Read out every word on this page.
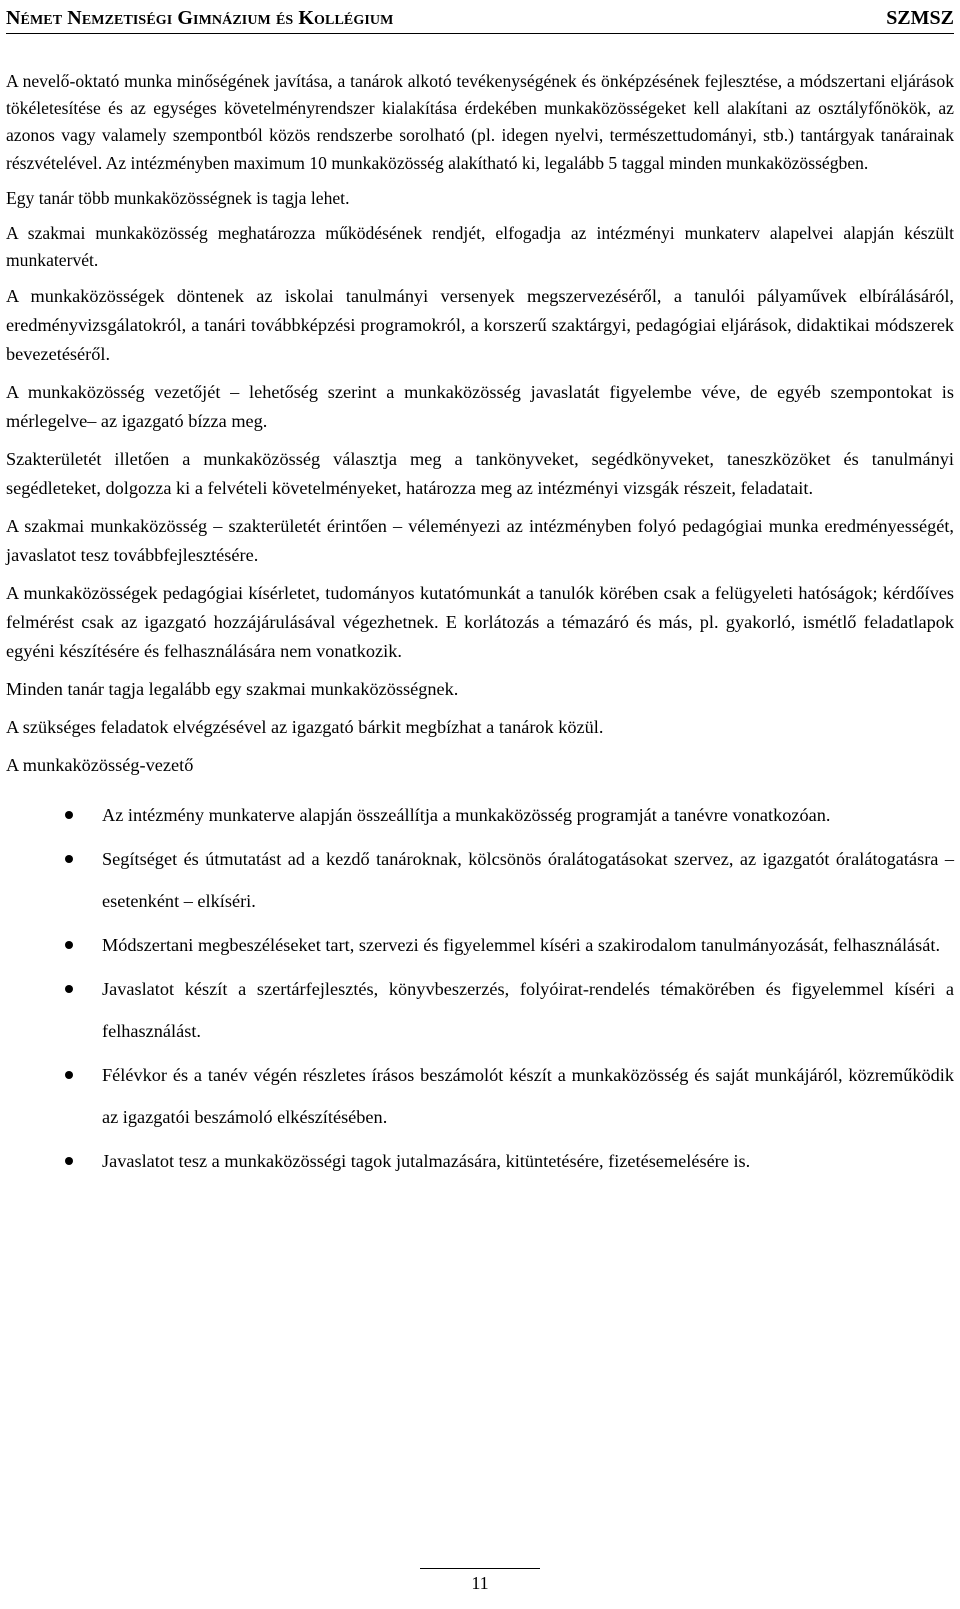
Német Nemzetiségi Gimnázium és Kollégium	SZMSZ

A nevelő-oktató munka minőségének javítása, a tanárok alkotó tevékenységének és önképzésének fejlesztése, a módszertani eljárások tökéletesítése és az egységes követelményrendszer kialakítása érdekében munkaközösségeket kell alakítani az osztályfőnökök, az azonos vagy valamely szempontból közös rendszerbe sorolható (pl. idegen nyelvi, természettudományi, stb.) tantárgyak tanárainak részvételével. Az intézményben maximum 10 munkaközösség alakítható ki, legalább 5 taggal minden munkaközösségben.

Egy tanár több munkaközösségnek is tagja lehet.

A szakmai munkaközösség meghatározza működésének rendjét, elfogadja az intézményi munkaterv alapelvei alapján készült munkatervét.

A munkaközösségek döntenek az iskolai tanulmányi versenyek megszervezéséről, a tanulói pályaművek elbírálásáról, eredményvizsgálatokról, a tanári továbbképzési programokról, a korszerű szaktárgyi, pedagógiai eljárások, didaktikai módszerek bevezetéséről.

A munkaközösség vezetőjét – lehetőség szerint a munkaközösség javaslatát figyelembe véve, de egyéb szempontokat is mérlegelve– az igazgató bízza meg.

Szakterületét illetően a munkaközösség választja meg a tankönyveket, segédkönyveket, taneszközöket és tanulmányi segédleteket, dolgozza ki a felvételi követelményeket, határozza meg az intézményi vizsgák részeit, feladatait.

A szakmai munkaközösség – szakterületét érintően – véleményezi az intézményben folyó pedagógiai munka eredményességét, javaslatot tesz továbbfejlesztésére.

A munkaközösségek pedagógiai kísérletet, tudományos kutatómunkát a tanulók körében csak a felügyeleti hatóságok; kérdőíves felmérést csak az igazgató hozzájárulásával végezhetnek. E korlátozás a témazáró és más, pl. gyakorló, ismétlő feladatlapok egyéni készítésére és felhasználására nem vonatkozik.

Minden tanár tagja legalább egy szakmai munkaközösségnek.

A szükséges feladatok elvégzésével az igazgató bárkit megbízhat a tanárok közül.

A munkaközösség-vezető

Az intézmény munkaterve alapján összeállítja a munkaközösség programját a tanévre vonatkozóan.
Segítséget és útmutatást ad a kezdő tanároknak, kölcsönös óralátogatásokat szervez, az igazgatót óralátogatásra – esetenként – elkíséri.
Módszertani megbeszéléseket tart, szervezi és figyelemmel kíséri a szakirodalom tanulmányozását, felhasználását.
Javaslatot készít a szertárfejlesztés, könyvbeszerzés, folyóirat-rendelés témakörében és figyelemmel kíséri a felhasználást.
Félévkor és a tanév végén részletes írásos beszámolót készít a munkaközösség és saját munkájáról, közreműködik az igazgatói beszámoló elkészítésében.
Javaslatot tesz a munkaközösségi tagok jutalmazására, kitüntetésére, fizetésemelésére is.
11
